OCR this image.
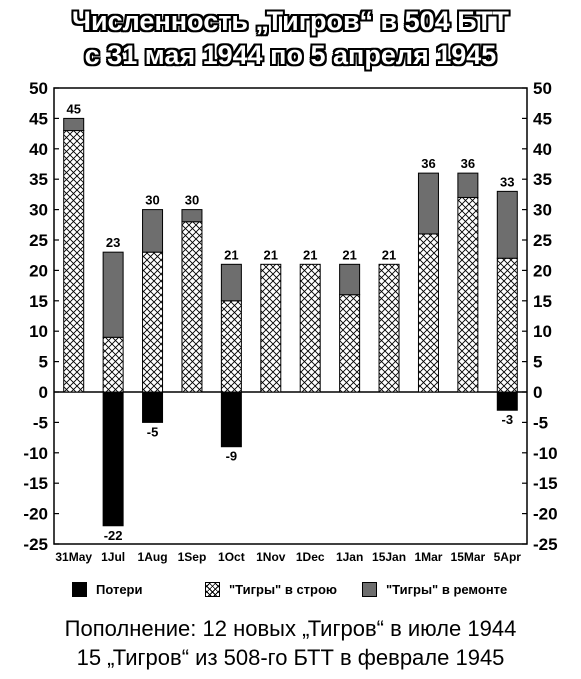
Численность „Тигров“ в 504 БТТ
с 31 мая 1944 по 5 апреля 1945
50	50
45	45
40	40
35	35
30	30
25	25
20	20
15	15
10	10
5	5
0	0
-5	-5
-10	-10
-15	-15
-20	-20
-25	-25
45
31May
23
-22
1Jul
30
-5
1Aug
30
1Sep
21
-9
1Oct
21
1Nov
21
1Dec
21
1Jan
21
15Jan
36
1Mar
36
15Mar
33
-3
5Apr
Потери	"Тигры" в строю	"Тигры" в ремонте
Пополнение: 12 новых „Тигров“ в июле 1944
15 „Тигров“ из 508-го БТТ в феврале 1945
